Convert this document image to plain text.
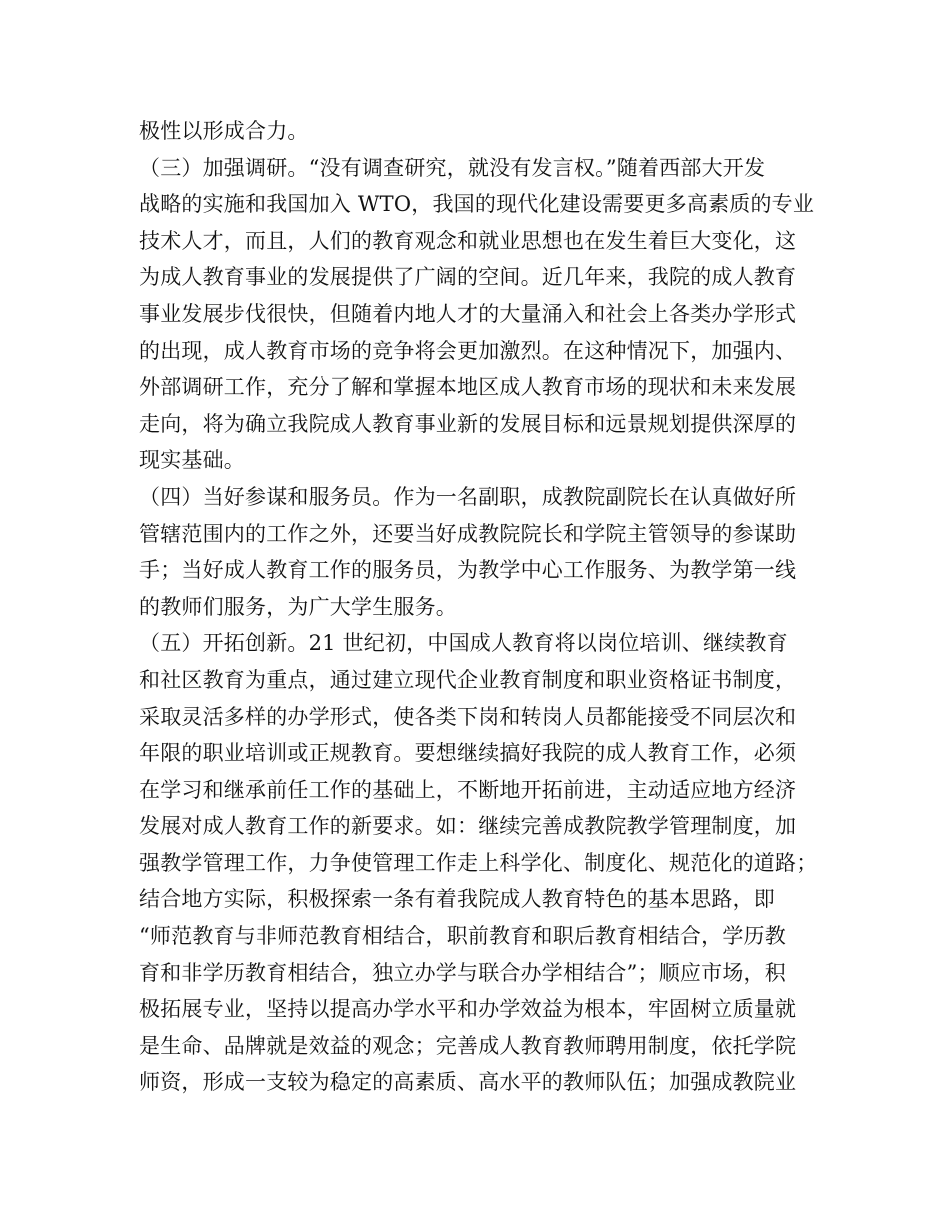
极性以形成合力。
（三）加强调研。“没有调查研究，就没有发言权。”随着西部大开发
战略的实施和我国加入 WTO，我国的现代化建设需要更多高素质的专业
技术人才，而且，人们的教育观念和就业思想也在发生着巨大变化，这
为成人教育事业的发展提供了广阔的空间。近几年来，我院的成人教育
事业发展步伐很快，但随着内地人才的大量涌入和社会上各类办学形式
的出现，成人教育市场的竞争将会更加激烈。在这种情况下，加强内、
外部调研工作，充分了解和掌握本地区成人教育市场的现状和未来发展
走向，将为确立我院成人教育事业新的发展目标和远景规划提供深厚的
现实基础。
（四）当好参谋和服务员。作为一名副职，成教院副院长在认真做好所
管辖范围内的工作之外，还要当好成教院院长和学院主管领导的参谋助
手；当好成人教育工作的服务员，为教学中心工作服务、为教学第一线
的教师们服务，为广大学生服务。
（五）开拓创新。21 世纪初，中国成人教育将以岗位培训、继续教育
和社区教育为重点，通过建立现代企业教育制度和职业资格证书制度，
采取灵活多样的办学形式，使各类下岗和转岗人员都能接受不同层次和
年限的职业培训或正规教育。要想继续搞好我院的成人教育工作，必须
在学习和继承前任工作的基础上，不断地开拓前进，主动适应地方经济
发展对成人教育工作的新要求。如：继续完善成教院教学管理制度，加
强教学管理工作，力争使管理工作走上科学化、制度化、规范化的道路；
结合地方实际，积极探索一条有着我院成人教育特色的基本思路，即
“师范教育与非师范教育相结合，职前教育和职后教育相结合，学历教
育和非学历教育相结合，独立办学与联合办学相结合”；顺应市场，积
极拓展专业，坚持以提高办学水平和办学效益为根本，牢固树立质量就
是生命、品牌就是效益的观念；完善成人教育教师聘用制度，依托学院
师资，形成一支较为稳定的高素质、高水平的教师队伍；加强成教院业
